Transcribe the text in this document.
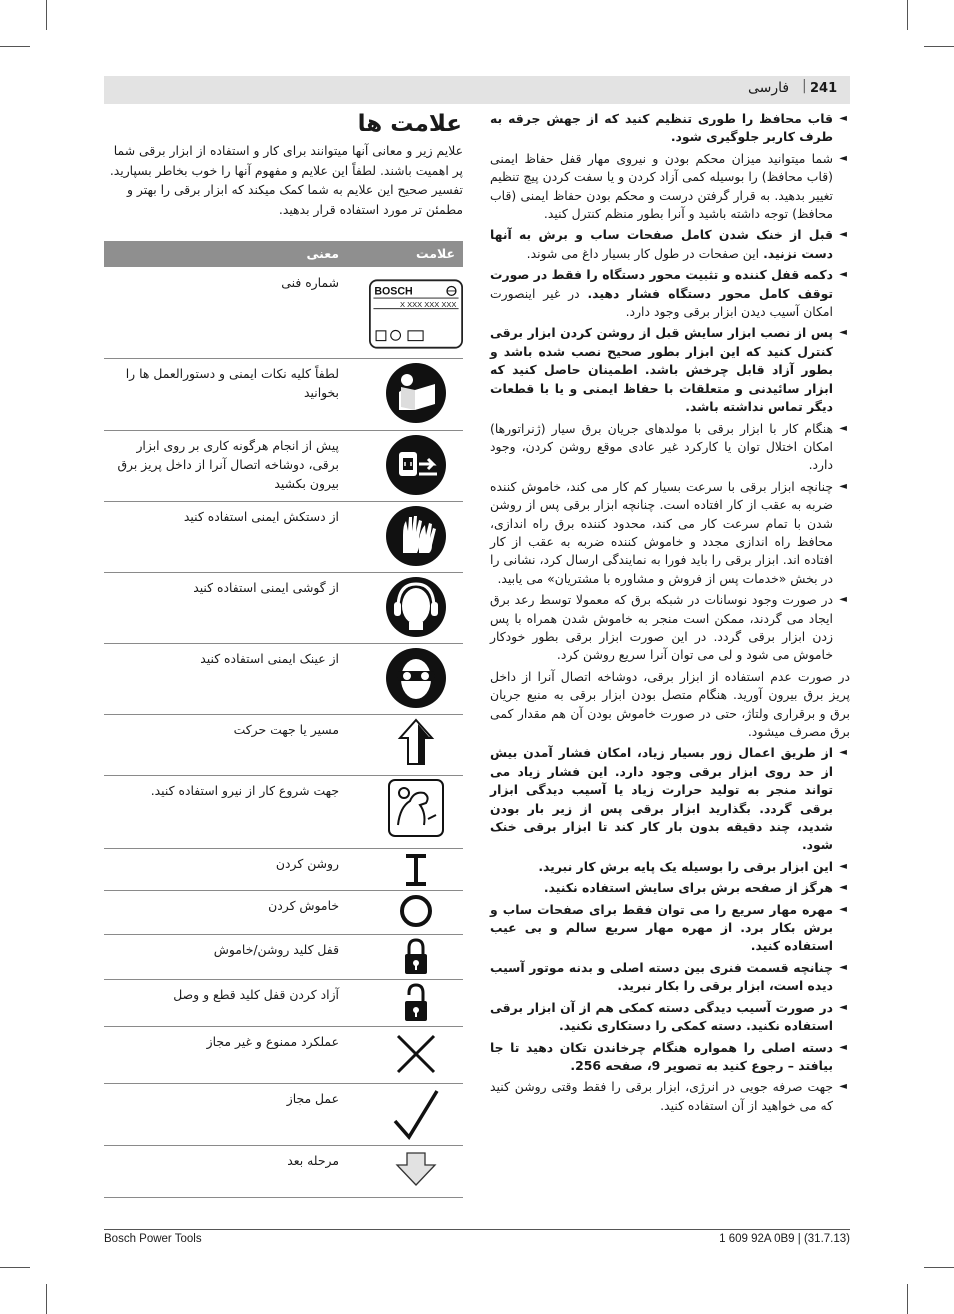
241
|
فارسی
علامت ها
علایم زیر و معانی آنها میتوانند برای کار و استفاده از ابزار برقی شما پر اهمیت باشند. لطفاً این علایم و مفهوم آنها را خوب بخاطر بسپارید. تفسیر صحیح این علایم به شما کمک میکند که ابزار برقی را بهتر و مطمئن تر مورد استفاده قرار بدهید.
علامت
معنی
BOSCH
X XXX XXX XXX
شماره فنی
لطفاً کلیه نکات ایمنی و دستورالعمل ها را بخوانید
پیش از انجام هرگونه کاری بر روی ابزار برقی، دوشاخه اتصال آنرا از داخل پریز برق بیرون بکشید
از دستکش ایمنی استفاده کنید
از گوشی ایمنی استفاده کنید
از عینک ایمنی استفاده کنید
مسیر یا جهت حرکت
جهت شروع کار از نیرو استفاده کنید.
روشن کردن
خاموش کردن
قفل کلید روشن/خاموش
آزاد کردن قفل کلید قطع و وصل
عملکرد ممنوع و غیر مجاز
عمل مجاز
مرحله بعد
◄
قاب محافظ را طوری تنظیم کنید که از جهش جرقه به طرف کاربر جلوگیری شود.
◄
شما میتوانید میزان محکم بودن و نیروی مهار قفل حفاظ ایمنی (قاب محافظ) را بوسیله کمی آزاد کردن و یا سفت کردن پیچ تنظیم تغییر بدهید. به قرار گرفتن درست و محکم بودن حفاظ ایمنی (قاب محافظ) توجه داشته باشید و آنرا بطور منظم کنترل کنید.
◄
قبل از خنک شدن کامل صفحات ساب و برش به آنها دست نزنید. این صفحات در طول کار بسیار داغ می شوند.
◄
دکمه قفل کننده و تثبیت محور دستگاه را فقط در صورت توقف کامل محور دستگاه فشار دهید. در غیر اینصورت امکان آسیب دیدن ابزار برقی وجود دارد.
◄
پس از نصب ابزار سایش قبل از روشن کردن ابزار برقی کنترل کنید که این ابزار بطور صحیح نصب شده باشد و بطور آزاد قابل چرخش باشد. اطمینان حاصل کنید که ابزار سائیدنی و متعلقات با حفاظ ایمنی و یا با قطعات دیگر تماس نداشته باشد.
◄
هنگام کار با ابزار برقی با مولدهای جریان برق سیار (ژنراتورها) امکان اختلال توان یا کارکرد غیر عادی موقع روشن کردن، وجود دارد.
◄
چنانچه ابزار برقی با سرعت بسیار کم کار می کند، خاموش کننده ضربه به عقب از کار افتاده است. چنانچه ابزار برقی پس از روشن شدن با تمام سرعت کار می کند، محدود کننده برق راه اندازی، محافظ راه اندازی مجدد و خاموش کننده ضربه به عقب از کار افتاده اند. ابزار برقی را باید فورا به نمایندگی ارسال کرد، نشانی را در بخش «خدمات پس از فروش و مشاوره با مشتریان» می یابید.
◄
در صورت وجود نوسانات در شبکه برق که معمولا توسط رعد برق ایجاد می گردند، ممکن است منجر به خاموش شدن همراه با پس زدن ابزار برقی گردد. در این صورت ابزار برقی بطور خودکار خاموش می شود و لی می توان آنرا سریع روشن کرد.
در صورت عدم استفاده از ابزار برقی، دوشاخه اتصال آنرا از داخل پریز برق بیرون آورید. هنگام متصل بودن ابزار برقی به منبع جریان برق و برقراری ولتاژ، حتی در صورت خاموش بودن آن هم مقدار کمی برق مصرف میشود.
◄
از طریق اعمال زور بسیار زیاد، امکان فشار آمدن بیش از حد روی ابزار برقی وجود دارد. این فشار زیاد می تواند منجر به تولید حرارت زیاد یا آسیب دیدگی ابزار برقی گردد. بگذارید ابزار برقی پس از زیر بار بودن شدید، چند دقیقه بدون بار کار کند تا ابزار برقی خنک شود.
◄
این ابزار برقی را بوسیله یک پایه برش کار نبرید.
◄
هرگز از صفحه برش برای سایش استفاده نکنید.
◄
مهره مهار سریع را می توان فقط برای صفحات ساب و برش بکار برد. از مهره مهار سریع سالم و بی عیب استفاده کنید.
◄
چنانچه قسمت فنری بین دسته اصلی و بدنه موتور آسیب دیده است، ابزار برقی را بکار نبرید.
◄
در صورت آسیب دیدگی دسته کمکی هم از آن ابزار برقی استفاده نکنید. دسته کمکی را دستکاری نکنید.
◄
دسته اصلی را همواره هنگام چرخاندن تکان دهید تا جا بیافتد – رجوع کنید به تصویر 9، صفحه 256.
◄
جهت صرفه جویی در انرژی، ابزار برقی را فقط وقتی روشن کنید که می خواهید از آن استفاده کنید.
Bosch Power Tools	1 609 92A 0B9 | (31.7.13)
